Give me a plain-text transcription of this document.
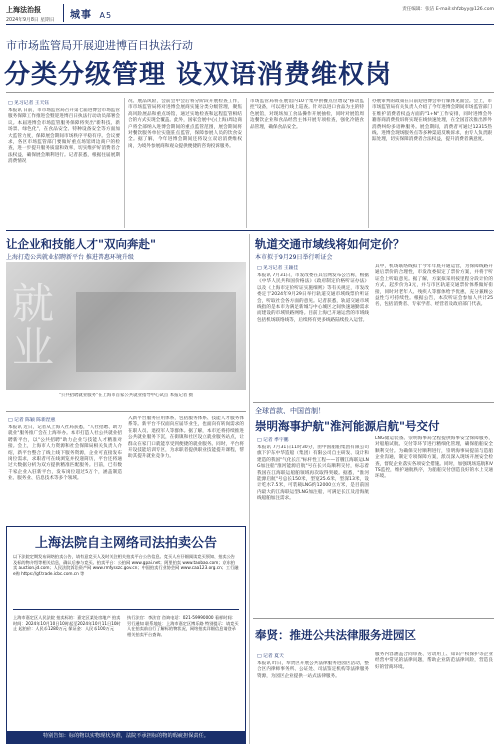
上海法治报
2024年9月8日 星期日 城事 A5
责任编辑：张洁 E-mail:shfzbyy@126.com
市市场监管局开展迎进博百日执法行动
分类分级管理 设双语消费维权岗
□ 见习记者 王天钰
本报讯 日前，市市场监管局召开第七届进博会市场监管服务保障工作推进会暨迎进博百日执法行动动员部署会议。本届进博会市场监管服务保障将突出"新科技、新场景、绿色化"，在食品安全、特种设备安全等方面加大监管力度，保障展会期间市场秩序平稳有序。会议要求，各区市场监管部门要做好重点场馆周边商户的检查，进一步提升服务质量和效率，切实维护好消费者合法权益，确保展会顺利进行。记者获悉，根据往届展期消费情况
况、展品风险，会前会中会后将分阶段开展检查工作，市市场监管局将对进博会展商实施分类分级管理，聚焦高风险展品和重点场馆，通过实地检查和远程监管相结合的方式实现全覆盖。此外，国家会展中心(上海)周边商户将全部纳入进博会期间的重点监管范围，展会期间将对餐饮服务单位实施驻点监管，保障参展人员的饮食安全。据了解，今年进博会期间还将设立双语消费维权岗，为境外参展商和观众提供便捷的咨询投诉服务。
市场监管局将在展馆内10个集中供餐点位增设"移动监控"设备，可以进行线上巡查。针对以进口食品为主的特色展馆，对现场加工食品操作开展抽检，同时对展馆周边餐饮企业和食品经营主体开展专项检查，强化冷链食品管理，确保食品安全。
办展审判的政策在日前迎进博会举行媒体见面会。会上，市市场监管局有关负责人介绍了今年进博会期间市场监管部门在维护消费者权益方面的"1+N"工作安排，同时进博会外籍客商消费投诉将实现在线快速处理，在全国首次推出涉外消费纠纷多语种服务。展会期间，消费者可通过12315热线、进博会现场服务点等多种渠道反映诉求，由专人负责跟踪处理，切实保障消费者合法权益，提升消费者满意度。
让企业和技能人才"双向奔赴"
上海打造公共就业招聘新平台 推进普惠环境升级
就
业
"公共招聘就业服务"在上海市首家公共就业指导中心试点 本报记者 摄
□ 记者 陈颖 陈新涅惠
本报讯 近日，记者从上海人社局获悉，"人社招聘、助力就业"服务推广会在上海举办。本市打造人社公共就业招聘新平台，以"公共招聘"助力企业与技能人才精准对接。会上，上海市人力资源和社会保障局相关负责人介绍，新平台整合了线上线下服务资源，企业可直接发布岗位需求，求职者可在线浏览并投递简历，平台还将通过大数据分析为双方提供精准匹配服务。目前，已有数千家企业入驻新平台，发布岗位超过5万个，涵盖制造业、服务业、信息技术等多个领域。
入新平台服务应用体系，包括服务体系、技能人才服务体系等。新平台不仅面向应届毕业生，也面向有转岗需求的在职人员、退役军人等群体。据了解，本市还将持续推进公共就业服务下沉，在街镇和社区设立就业服务站点，让群众在家门口就能享受到便捷的就业服务。同时，平台将开设技能培训专区，为求职者提供职业技能提升课程，帮助其提升就业竞争力。
轨道交通市域线将如何定价？
本市拟于9月29日举行听证会
□ 见习记者 王颖佳
本报讯 7月31日，市发改委在其官网发布公告称，根据《中华人民共和国价格法》《政府制定价格听证办法》以及《上海市定价听证实施细则》等有关规定，市发改委定于2024年9月29日举行轨道交通市域线票价听证会，听取社会各方面的意见。记者获悉，轨道交通市域线指的是本市为满足新城与中心城区之间快速通勤需求而建设的市域铁路网络。目前上海已开通运营的市域线包括机场联络线等，后续将有更多线路陆续投入运营。
其中，机场联络线拟于今年年底开通运营，为保障线路开通后票价的合理性，市发改委拟定了票价方案，并将于听证会上听取意见。据了解，方案拟采用按里程分段计价的方式，起步价为3元，并与市区轨道交通票价体系做好衔接，同时对老年人、残疾人等群体给予优惠，充分兼顾公益性与可持续性。根据公告，本次听证会参加人共计25名，包括消费者、专家学者、经营者及政府部门代表。
全球首款、中国首制！
崇明海事护航"淮河能源启航"号交付
□ 记者 季宇鹏
本报讯 7月31日11时30分，由中国船舶集团有限公司旗下沪东中华造船（集团）有限公司自主研发、设计和建造的我国"气化长江"标杆性工程——首艘江海联运LNG加注船"淮河能源启航"号在长兴岛顺利交付，标志着我国在江海联运船舶领域再次取得突破。据悉，"淮河能源启航"号总长150米，型宽25.6米，型深13米，设计吃水7.5米，可装载LNG约12000立方米，是目前国内最大的江海联运型LNG加注船，可满足长江及沿海航线船舶加注需求。
LNG储运装备。崇明海事局全程提供海事安全保障服务，对船舶试航、交付等环节进行精细化管理，确保船舶安全顺利交付。为确保交付顺利进行，崇明海事局提前与造船企业沟通，制定专项保障方案，派员深入现场开展安全检查，督促企业落实各项安全措施。同时，加强现场巡航和VTS监控，维护通航秩序，为船舶交付创造良好的水上交通环境。
奉贤：推进公共法律服务进园区
□ 记者 夏天
本报讯 昨日，奉贤区开展公共法律服务进园区活动，整合区内律师事务所、公证处、司法鉴定机构等法律服务资源，为园区企业提供一站式法律服务。
服务内容涵盖合同审查、劳动用工、知识产权保护等企业经营中常见的法律问题，帮助企业防范法律风险，营造良好的营商环境。
上海法院自主网络司法拍卖公告
以下法院定期发布网络拍卖公告，请有意竞买人及时关注相关拍卖平台公告信息。竞买人应仔细阅读竞买须知、拍卖公告及标的物介绍等相关信息，确认后参与竞买。拍卖平台：公拍网 www.gpai.net；阿里拍卖 www.taobao.com；京东拍卖 auction.jd.com；人民法院诉讼资产网 www.rmfysszc.gov.cn；中国拍卖行业协会网 www.caa123.org.cn；工行融e购 https://gf.trade.icbc.com.cn 等
上海市嘉定区人民法院 拍卖标的：嘉定区某处房地产 拍卖时间：2024年10月10日10时起至2024年10月11日10时止 起拍价：人民币1280万元 保证金：人民币100万元
执行法官：李法官 咨询电话：021-59990000 看样时间：另行通知 联系地址：上海市嘉定区博乐路 特别提示：请竞买人在拍卖前自行了解标的物状况，网络拍卖详细信息请登录相关拍卖平台查询。
特别告知：标的物以实物现状为准，法院不承担标的物的瑕疵担保责任。
